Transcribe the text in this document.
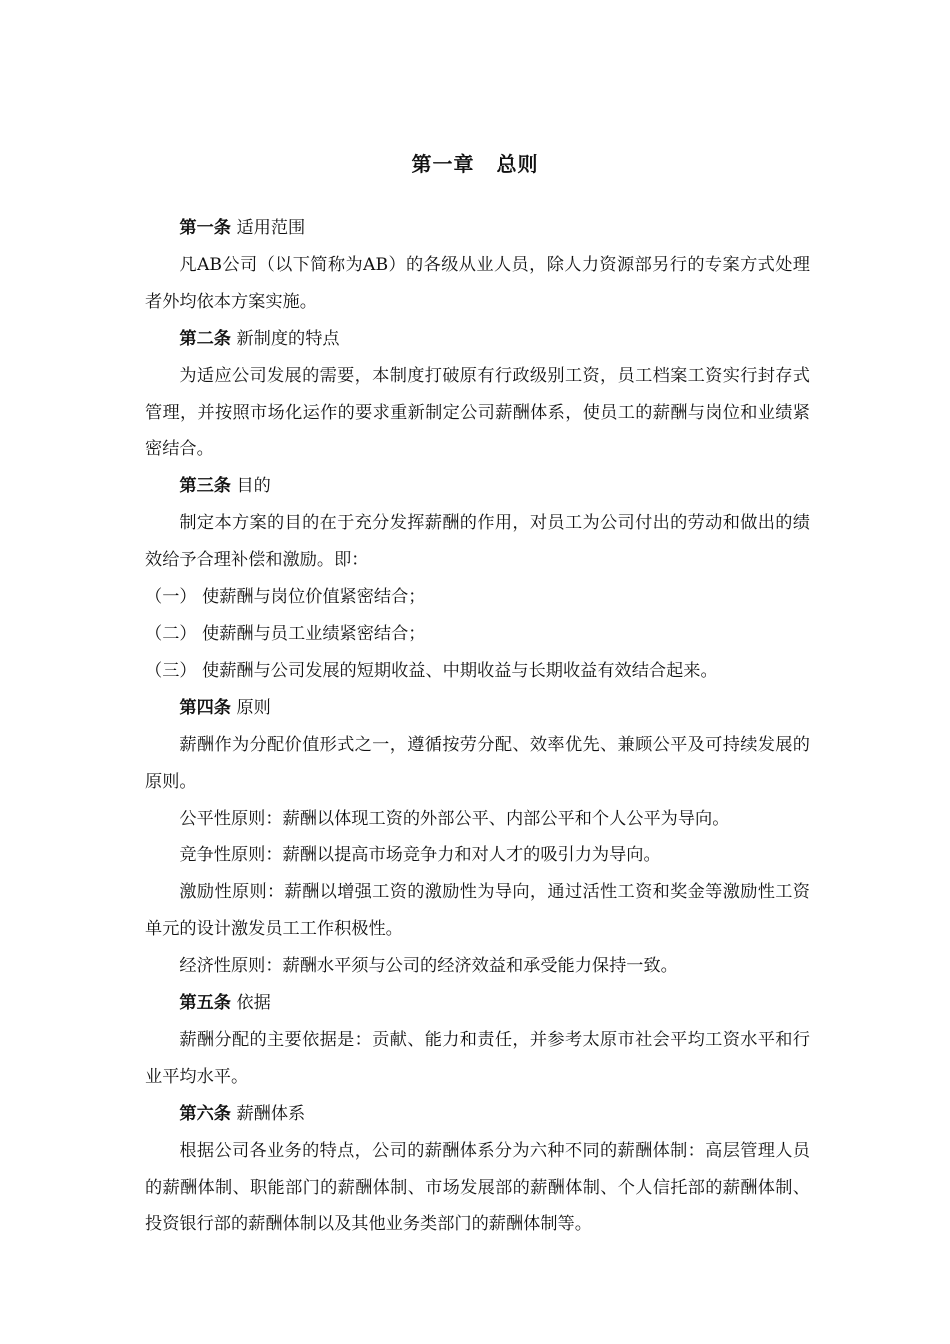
第一章 总则

第一条 适用范围

凡AB公司（以下简称为AB）的各级从业人员，除人力资源部另行的专案方式处理者外均依本方案实施。

第二条 新制度的特点

为适应公司发展的需要，本制度打破原有行政级别工资，员工档案工资实行封存式管理，并按照市场化运作的要求重新制定公司薪酬体系，使员工的薪酬与岗位和业绩紧密结合。

第三条 目的

制定本方案的目的在于充分发挥薪酬的作用，对员工为公司付出的劳动和做出的绩效给予合理补偿和激励。即：

（一） 使薪酬与岗位价值紧密结合；

（二） 使薪酬与员工业绩紧密结合；

（三） 使薪酬与公司发展的短期收益、中期收益与长期收益有效结合起来。

第四条 原则

薪酬作为分配价值形式之一，遵循按劳分配、效率优先、兼顾公平及可持续发展的原则。

公平性原则：薪酬以体现工资的外部公平、内部公平和个人公平为导向。

竞争性原则：薪酬以提高市场竞争力和对人才的吸引力为导向。

激励性原则：薪酬以增强工资的激励性为导向，通过活性工资和奖金等激励性工资单元的设计激发员工工作积极性。

经济性原则：薪酬水平须与公司的经济效益和承受能力保持一致。

第五条 依据

薪酬分配的主要依据是：贡献、能力和责任，并参考太原市社会平均工资水平和行业平均水平。

第六条 薪酬体系

根据公司各业务的特点，公司的薪酬体系分为六种不同的薪酬体制：高层管理人员的薪酬体制、职能部门的薪酬体制、市场发展部的薪酬体制、个人信托部的薪酬体制、投资银行部的薪酬体制以及其他业务类部门的薪酬体制等。
